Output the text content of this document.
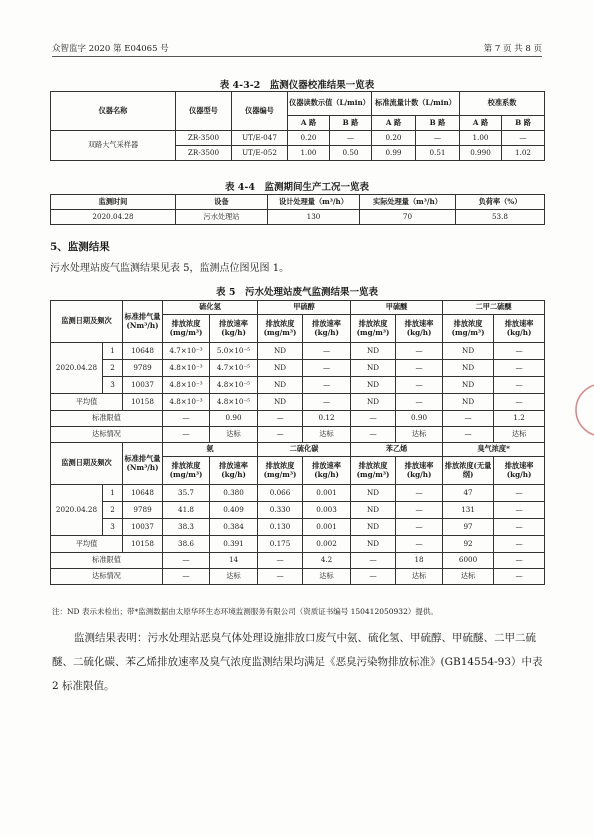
众智监字 2020 第 E04065 号	第 7 页 共 8 页
表 4-3-2　监测仪器校准结果一览表
仪器名称	仪器型号	仪器编号	仪器读数示值（L/min）		标准流量计数（L/min）		校准系数	
			A 路	B 路	A 路	B 路	A 路	B 路
双路大气采样器	ZR-3500	UT/E-047	0.20	—	0.20	—	1.00	—
	ZR-3500	UT/E-052	1.00	0.50	0.99	0.51	0.990	1.02
表 4-4　监测期间生产工况一览表
监测时间	设备	设计处理量（m³/h）	实际处理量（m³/h）	负荷率（%）
2020.04.28	污水处理站	130	70	53.8
5、监测结果
污水处理站废气监测结果见表 5，监测点位图见图 1。
表 5　污水处理站废气监测结果一览表
监测日期及频次		标准排气量(Nm³/h)	硫化氢		甲硫醇		甲硫醚		二甲二硫醚	
			排放浓度(mg/m³)	排放速率(kg/h)	排放浓度(mg/m³)	排放速率(kg/h)	排放浓度(mg/m³)	排放速率(kg/h)	排放浓度(mg/m³)	排放速率(kg/h)
2020.04.28	1	10648	4.7×10⁻³	5.0×10⁻⁵	ND	—	ND	—	ND	—
	2	9789	4.8×10⁻³	4.7×10⁻⁵	ND	—	ND	—	ND	—
	3	10037	4.8×10⁻³	4.8×10⁻⁵	ND	—	ND	—	ND	—
平均值		10158	4.8×10⁻³	4.8×10⁻⁵	ND	—	ND	—	ND	—
标准限值			—	0.90	—	0.12	—	0.90	—	1.2
达标情况			—	达标	—	达标	—	达标	—	达标
监测日期及频次		标准排气量(Nm³/h)	氨		二硫化碳		苯乙烯		臭气浓度*	
			排放浓度(mg/m³)	排放速率(kg/h)	排放浓度(mg/m³)	排放速率(kg/h)	排放浓度(mg/m³)	排放速率(kg/h)	排放浓度(无量纲)	排放速率(kg/h)
2020.04.28	1	10648	35.7	0.380	0.066	0.001	ND	—	47	—
	2	9789	41.8	0.409	0.330	0.003	ND	—	131	—
	3	10037	38.3	0.384	0.130	0.001	ND	—	97	—
平均值		10158	38.6	0.391	0.175	0.002	ND	—	92	—
标准限值			—	14	—	4.2	—	18	6000	—
达标情况			—	达标	—	达标	—	达标	达标	—
注：ND 表示未检出；带*监测数据由太原华环生态环境监测服务有限公司（资质证书编号 150412050932）提供。

监测结果表明：污水处理站恶臭气体处理设施排放口废气中氨、硫化氢、甲硫醇、甲硫醚、二甲二硫醚、二硫化碳、苯乙烯排放速率及臭气浓度监测结果均满足《恶臭污染物排放标准》(GB14554-93）中表 2 标准限值。
